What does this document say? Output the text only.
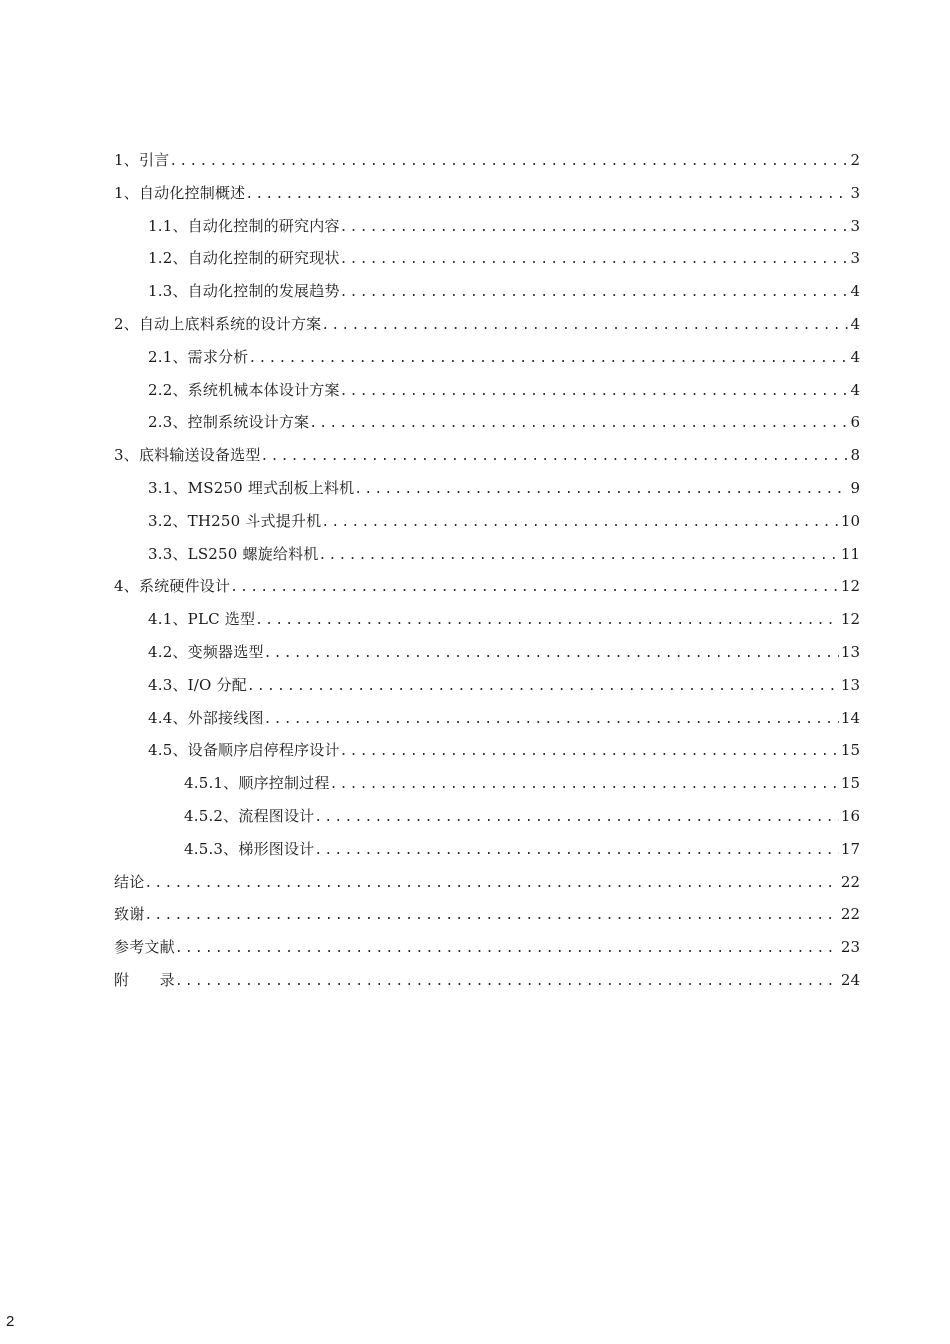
1、引言 .....	2
1、自动化控制概述 .....	3
1.1、自动化控制的研究内容 .....	3
1.2、自动化控制的研究现状 .....	3
1.3、自动化控制的发展趋势 .....	4
2、自动上底料系统的设计方案 .....	4
2.1、需求分析 .....	4
2.2、系统机械本体设计方案 .....	4
2.3、控制系统设计方案 .....	6
3、底料输送设备选型 .....	8
3.1、MS250 埋式刮板上料机 .....	9
3.2、TH250 斗式提升机 .....	10
3.3、LS250 螺旋给料机 .....	11
4、系统硬件设计 .....	12
4.1、PLC 选型 .....	12
4.2、变频器选型 .....	13
4.3、I/O 分配 .....	13
4.4、外部接线图 .....	14
4.5、设备顺序启停程序设计 .....	15
4.5.1、顺序控制过程 .....	15
4.5.2、流程图设计 .....	16
4.5.3、梯形图设计 .....	17
结论 .....	22
致谢 .....	22
参考文献 .....	23
附　　录 .....	24
2
